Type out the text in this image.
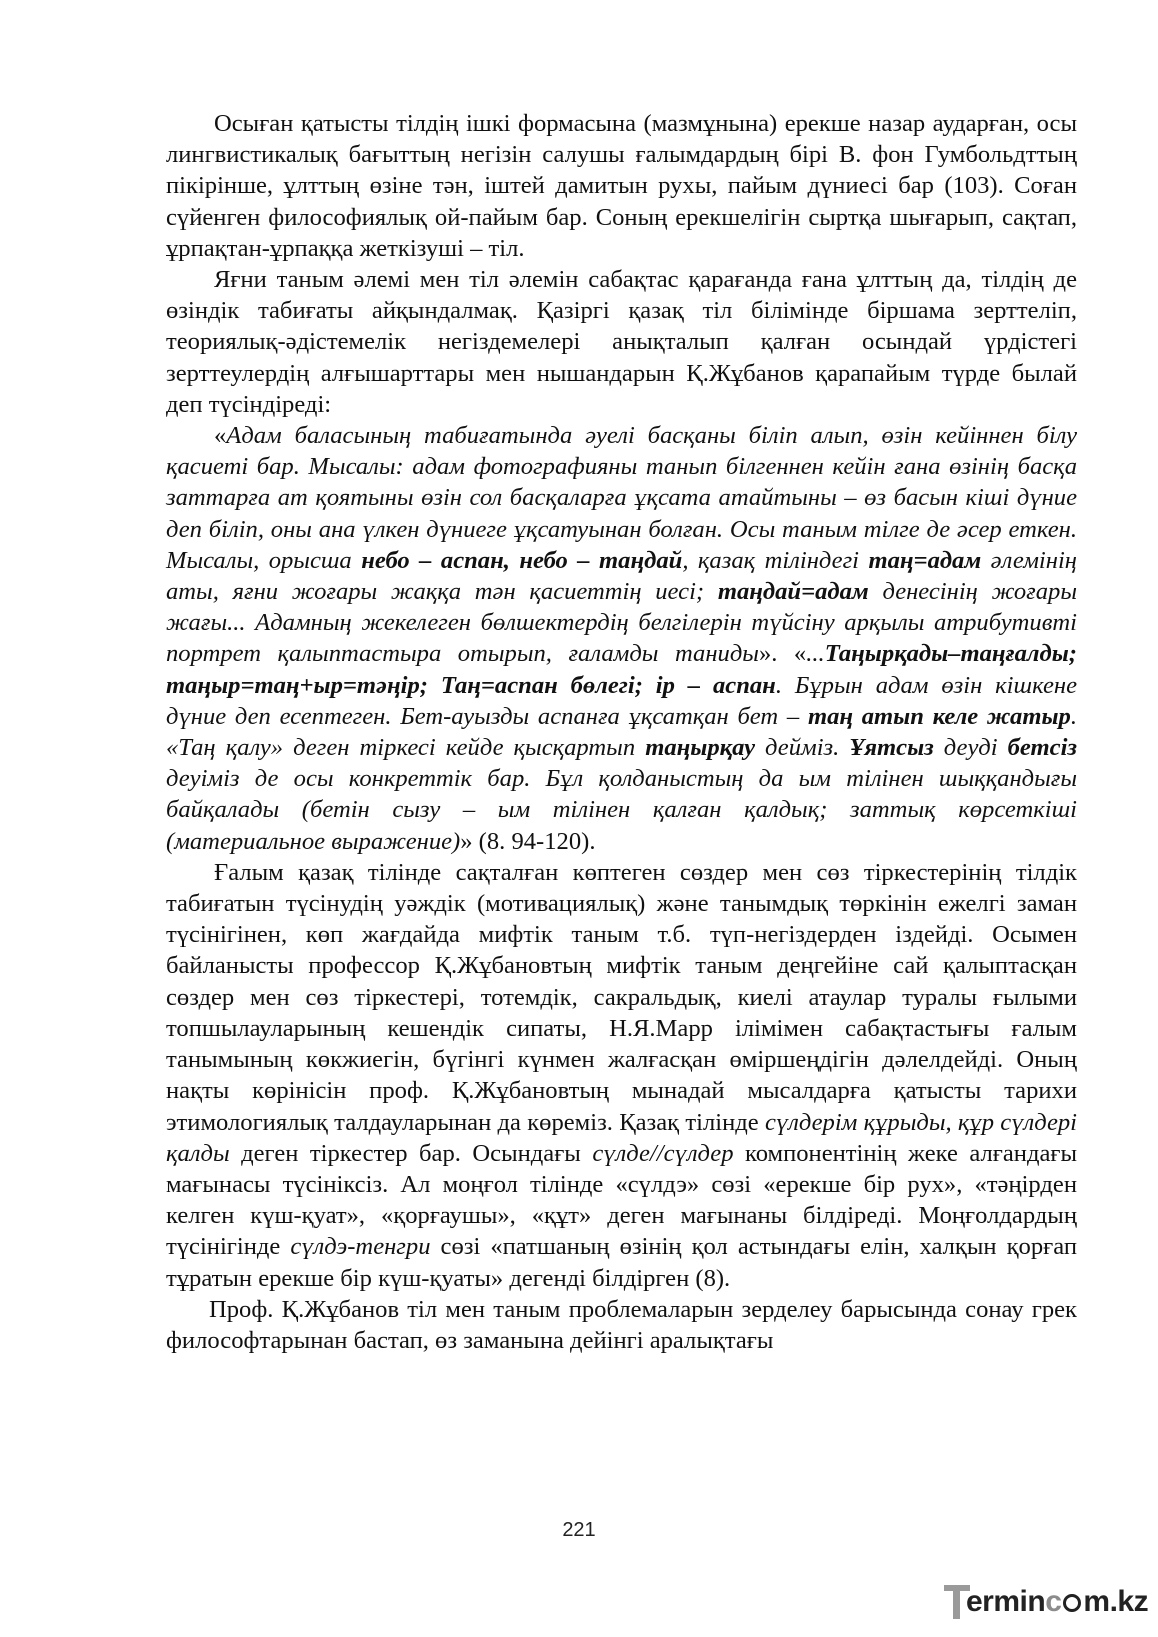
Осыған қатысты тілдің ішкі формасына (мазмұнына) ерекше назар аударған, осы лингвистикалық бағыттың негізін салушы ғалымдардың бірі В. фон Гумбольдттың пікірінше, ұлттың өзіне тән, іштей дамитын рухы, пайым дүниесі бар (103). Соған сүйенген философиялық ой-пайым бар. Соның ерекшелігін сыртқа шығарып, сақтап, ұрпақтан-ұрпаққа жеткізуші – тіл.

Яғни таным әлемі мен тіл әлемін сабақтас қарағанда ғана ұлттың да, тілдің де өзіндік табиғаты айқындалмақ. Қазіргі қазақ тіл білімінде біршама зерттеліп, теориялық-әдістемелік негіздемелері анықталып қалған осындай үрдістегі зерттеулердің алғышарттары мен нышандарын Қ.Жұбанов қарапайым түрде былай деп түсіндіреді:

«Адам баласының табиғатында әуелі басқаны біліп алып, өзін кейіннен білу қасиеті бар. Мысалы: адам фотографияны танып білгеннен кейін ғана өзінің басқа заттарға ат қоятыны өзін сол басқаларға ұқсата атайтыны – өз басын кіші дүние деп біліп, оны ана үлкен дүниеге ұқсатуынан болған. Осы таным тілге де әсер еткен. Мысалы, орысша небо – аспан, небо – таңдай, қазақ тіліндегі таң=адам әлемінің аты, яғни жоғары жаққа тән қасиеттің иесі; таңдай=адам денесінің жоғары жағы... Адамның жекелеген бөлшектердің белгілерін түйсіну арқылы атрибутивті портрет қалыптастыра отырып, ғаламды таниды». «...Таңырқады–таңғалды; таңыр=таң+ыр=тәңір; Таң=аспан бөлегі; ір – аспан. Бұрын адам өзін кішкене дүние деп есептеген. Бет-ауызды аспанға ұқсатқан бет – таң атып келе жатыр. «Таң қалу» деген тіркесі кейде қысқартып таңырқау дейміз. Ұятсыз деуді бетсіз деуіміз де осы конкреттік бар. Бұл қолданыстың да ым тілінен шыққандығы байқалады (бетін сызу – ым тілінен қалған қалдық; заттық көрсеткіші (материальное выражение)» (8. 94-120).

Ғалым қазақ тілінде сақталған көптеген сөздер мен сөз тіркестерінің тілдік табиғатын түсінудің уәждік (мотивациялық) және танымдық төркінін ежелгі заман түсінігінен, көп жағдайда мифтік таным т.б. түп-негіздерден іздейді. Осымен байланысты профессор Қ.Жұбановтың мифтік таным деңгейіне сай қалыптасқан сөздер мен сөз тіркестері, тотемдік, сакральдық, киелі атаулар туралы ғылыми топшылауларының кешендік сипаты, Н.Я.Марр ілімімен сабақтастығы ғалым танымының көкжиегін, бүгінгі күнмен жалғасқан өміршеңдігін дәлелдейді. Оның нақты көрінісін проф. Қ.Жұбановтың мынадай мысалдарға қатысты тарихи этимологиялық талдауларынан да көреміз. Қазақ тілінде сүлдерім құрыды, құр сүлдері қалды деген тіркестер бар. Осындағы сүлде//сүлдер компонентінің жеке алғандағы мағынасы түсініксіз. Ал моңғол тілінде «сүлдэ» сөзі «ерекше бір рух», «тәңірден келген күш-қуат», «қорғаушы», «құт» деген мағынаны білдіреді. Моңғолдардың түсінігінде сүлдэ-тенгри сөзі «патшаның өзінің қол астындағы елін, халқын қорғап тұратын ерекше бір күш-қуаты» дегенді білдірген (8).

Проф. Қ.Жұбанов тіл мен таным проблемаларын зерделеу барысында сонау грек философтарынан бастап, өз заманына дейінгі аралықтағы

221
erminc m.kz
